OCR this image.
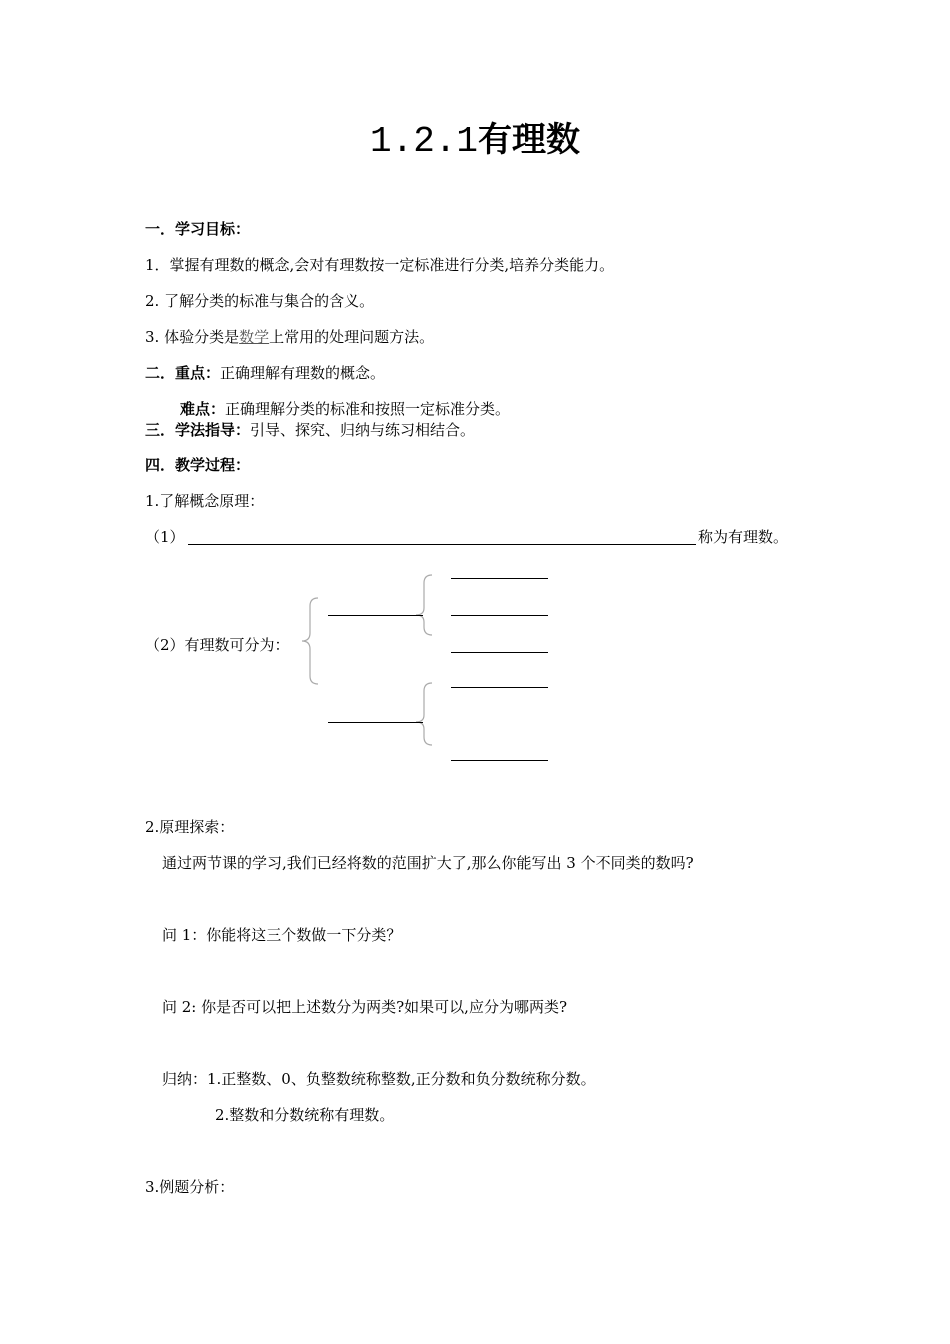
1.2.1有理数
一．学习目标：
1．掌握有理数的概念,会对有理数按一定标准进行分类,培养分类能力。
2. 了解分类的标准与集合的含义。
3. 体验分类是数学上常用的处理问题方法。
二．重点：正确理解有理数的概念。
难点：正确理解分类的标准和按照一定标准分类。
三．学法指导：引导、探究、归纳与练习相结合。
四．教学过程：
1.了解概念原理：
（1）	称为有理数。
（2）有理数可分为：
2.原理探索：
通过两节课的学习,我们已经将数的范围扩大了,那么你能写出 3 个不同类的数吗?
问 1：你能将这三个数做一下分类？
问 2: 你是否可以把上述数分为两类?如果可以,应分为哪两类?
归纳：1.正整数、0、负整数统称整数,正分数和负分数统称分数。
2.整数和分数统称有理数。
3.例题分析：
